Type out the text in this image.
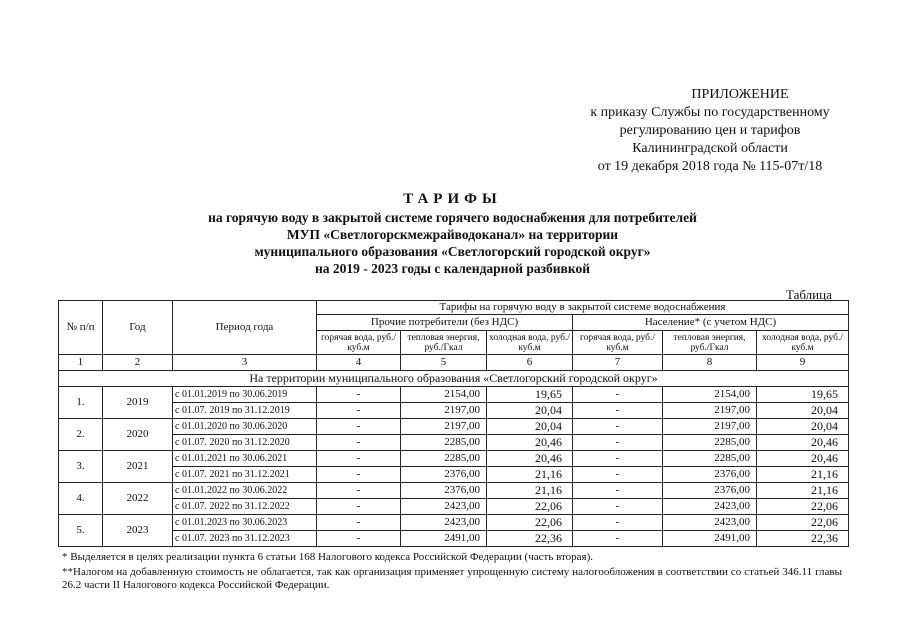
ПРИЛОЖЕНИЕ
к приказу Службы по государственному
регулированию цен и тарифов
Калининградской области
от 19 декабря 2018 года № 115-07т/18
ТАРИФЫ
на горячую воду в закрытой системе горячего водоснабжения для потребителей
МУП «Светлогорскмежрайводоканал» на территории
муниципального образования «Светлогорский городской округ»
на 2019 - 2023 годы с календарной разбивкой
Таблица
№ п/п	Год	Период года	Тарифы на горячую воду в закрытой системе водоснабжения					
			Прочие потребители (без НДС)			Население* (с учетом НДС)		
			горячая вода, руб./куб.м	тепловая энергия, руб./Гкал	холодная вода, руб./куб.м	горячая вода, руб./куб.м	тепловая энергия, руб./Гкал	холодная вода, руб./куб.м
1	2	3	4	5	6	7	8	9
На территории муниципального образования «Светлогорский городской округ»								
1.	2019	с 01.01.2019 по 30.06.2019	-	2154,00	19,65	-	2154,00	19,65
		с 01.07. 2019 по 31.12.2019	-	2197,00	20,04	-	2197,00	20,04
2.	2020	с 01.01.2020 по 30.06.2020	-	2197,00	20,04	-	2197,00	20,04
		с 01.07. 2020 по 31.12.2020	-	2285,00	20,46	-	2285,00	20,46
3.	2021	с 01.01.2021 по 30.06.2021	-	2285,00	20,46	-	2285,00	20,46
		с 01.07. 2021 по 31.12.2021	-	2376,00	21,16	-	2376,00	21,16
4.	2022	с 01.01.2022 по 30.06.2022	-	2376,00	21,16	-	2376,00	21,16
		с 01.07. 2022 по 31.12.2022	-	2423,00	22,06	-	2423,00	22,06
5.	2023	с 01.01.2023 по 30.06.2023	-	2423,00	22,06	-	2423,00	22,06
		с 01.07. 2023 по 31.12.2023	-	2491,00	22,36	-	2491,00	22,36
* Выделяется в целях реализации пункта 6 статьи 168 Налогового кодекса Российской Федерации (часть вторая).
**Налогом на добавленную стоимость не облагается, так как организация применяет упрощенную систему налогообложения в соответствии со статьей 346.11 главы 26.2 части II Налогового кодекса Российской Федерации.
